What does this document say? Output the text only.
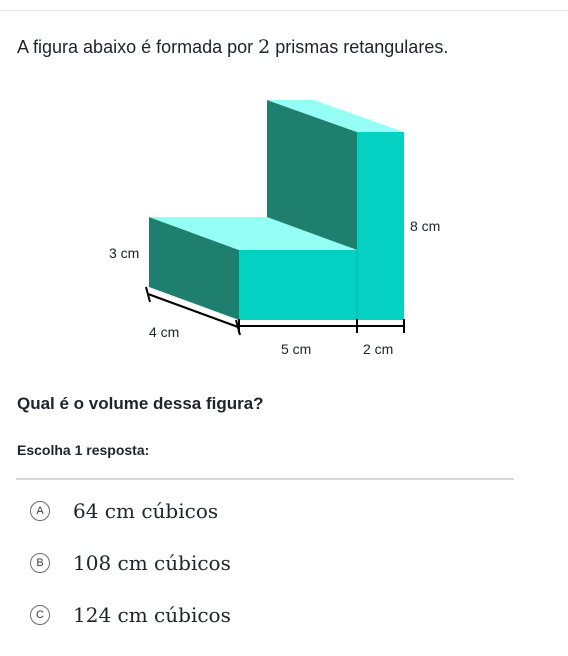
A figura abaixo é formada por 2 prismas retangulares.
3 cm
4 cm
5 cm	2 cm
8 cm
Qual é o volume dessa figura?
Escolha 1 resposta:
A	64 cm cúbicos
B	108 cm cúbicos
C	124 cm cúbicos
